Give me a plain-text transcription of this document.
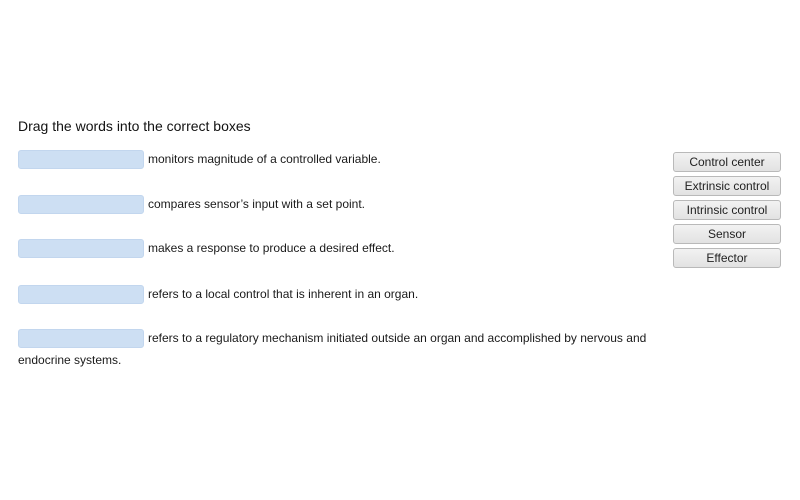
Drag the words into the correct boxes
monitors magnitude of a controlled variable.
compares sensor’s input with a set point.
makes a response to produce a desired effect.
refers to a local control that is inherent in an organ.
refers to a regulatory mechanism initiated outside an organ and accomplished by nervous and endocrine systems.
Control center
Extrinsic control
Intrinsic control
Sensor
Effector
